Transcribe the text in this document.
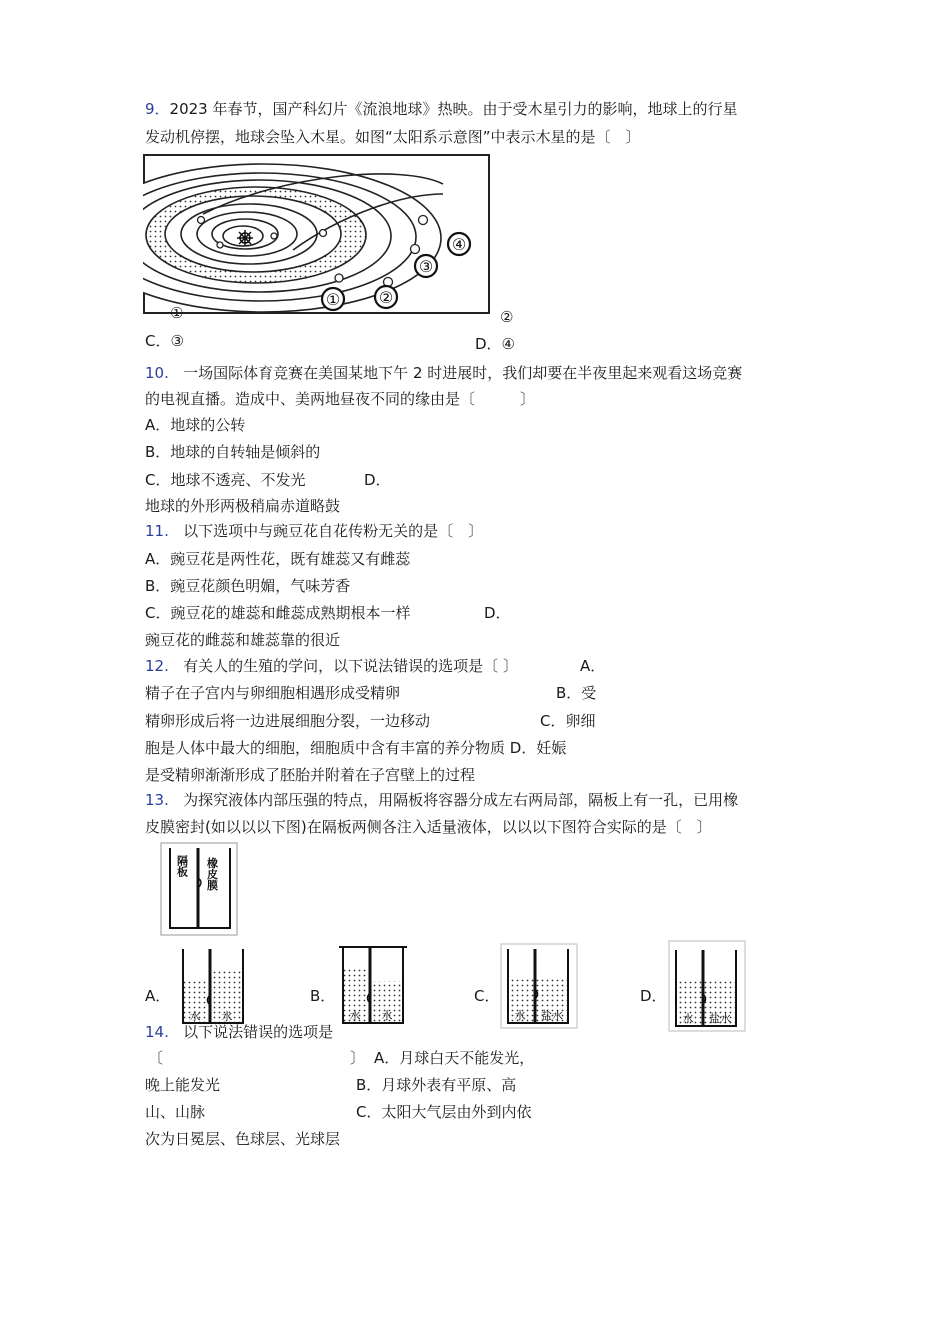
9．2023 年春节，国产科幻片《流浪地球》热映。由于受木星引力的影响，地球上的行星
发动机停摆，地球会坠入木星。如图“太阳系示意图”中表示木星的是〔　〕
① ②
③
④
①	②
C．③	D．④
10. 一场国际体育竞赛在美国某地下午 2 时进展时，我们却要在半夜里起来观看这场竞赛
的电视直播。造成中、美两地昼夜不同的缘由是〔　　　〕
A．地球的公转
B．地球的自转轴是倾斜的
C．地球不透亮、不发光	D．
地球的外形两极稍扁赤道略鼓
11. 以下选项中与豌豆花自花传粉无关的是〔　〕
A．豌豆花是两性花，既有雄蕊又有雌蕊
B．豌豆花颜色明媚，气味芳香
C．豌豆花的雄蕊和雌蕊成熟期根本一样	D．
豌豆花的雌蕊和雄蕊靠的很近
12. 有关人的生殖的学问，以下说法错误的选项是〔 〕	A．
精子在子宫内与卵细胞相遇形成受精卵	B．受
精卵形成后将一边进展细胞分裂，一边移动	C．卵细
胞是人体中最大的细胞，细胞质中含有丰富的养分物质 D．妊娠
是受精卵渐渐形成了胚胎并附着在子宫壁上的过程
13. 为探究液体内部压强的特点，用隔板将容器分成左右两局部，隔板上有一孔，已用橡
皮膜密封(如以以以下图)在隔板两侧各注入适量液体，以以以下图符合实际的是〔　〕
隔板 橡皮膜
A．
水 水
B．
水 水
C．
水 盐水
D．
水 盐水
14. 以下说法错误的选项是
〔	〕 A．月球白天不能发光，
晚上能发光	B．月球外表有平原、高
山、山脉	C．太阳大气层由外到内依
次为日冕层、色球层、光球层
